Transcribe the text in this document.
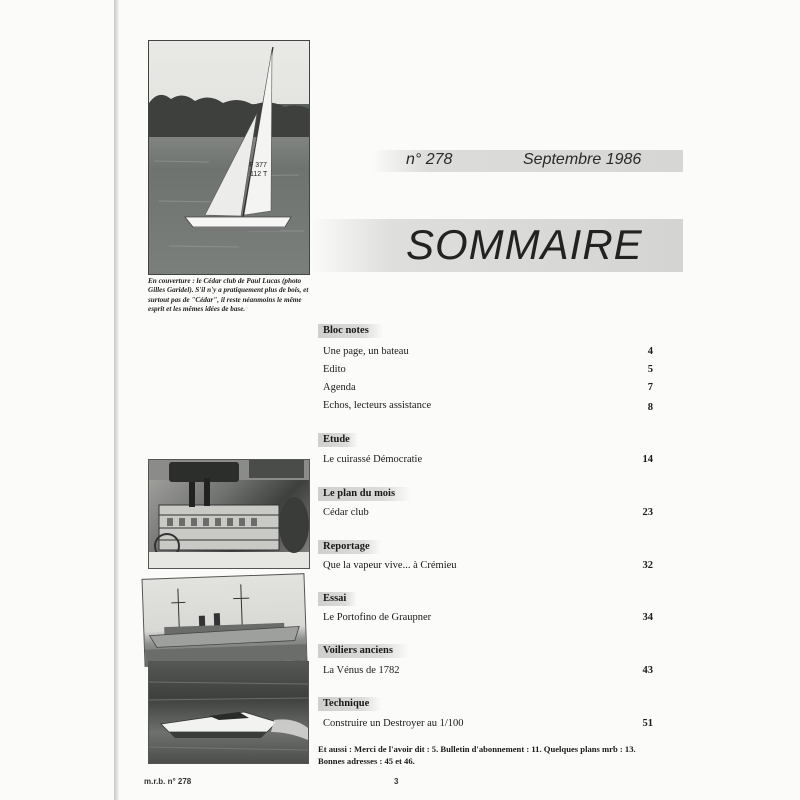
F 377
112 T
En couverture : le Cédar club de Paul Lucas (photo Gilles Garidel). S'il n'y a pratiquement plus de bois, et surtout pas de "Cédar", il reste néanmoins le même esprit et les mêmes idées de base.
n° 278	Septembre 1986
SOMMAIRE
Bloc notes
Une page, un bateau	4
Edito	5
Agenda	7
Echos, lecteurs assistance	8
Etude
Le cuirassé Démocratie	14
Le plan du mois
Cédar club	23
Reportage
Que la vapeur vive... à Crémieu	32
Essai
Le Portofino de Graupner	34
Voiliers anciens
La Vénus de 1782	43
Technique
Construire un Destroyer au 1/100	51
Et aussi : Merci de l'avoir dit : 5. Bulletin d'abonnement : 11. Quelques plans mrb : 13. Bonnes adresses : 45 et 46.
m.r.b. n° 278	3
